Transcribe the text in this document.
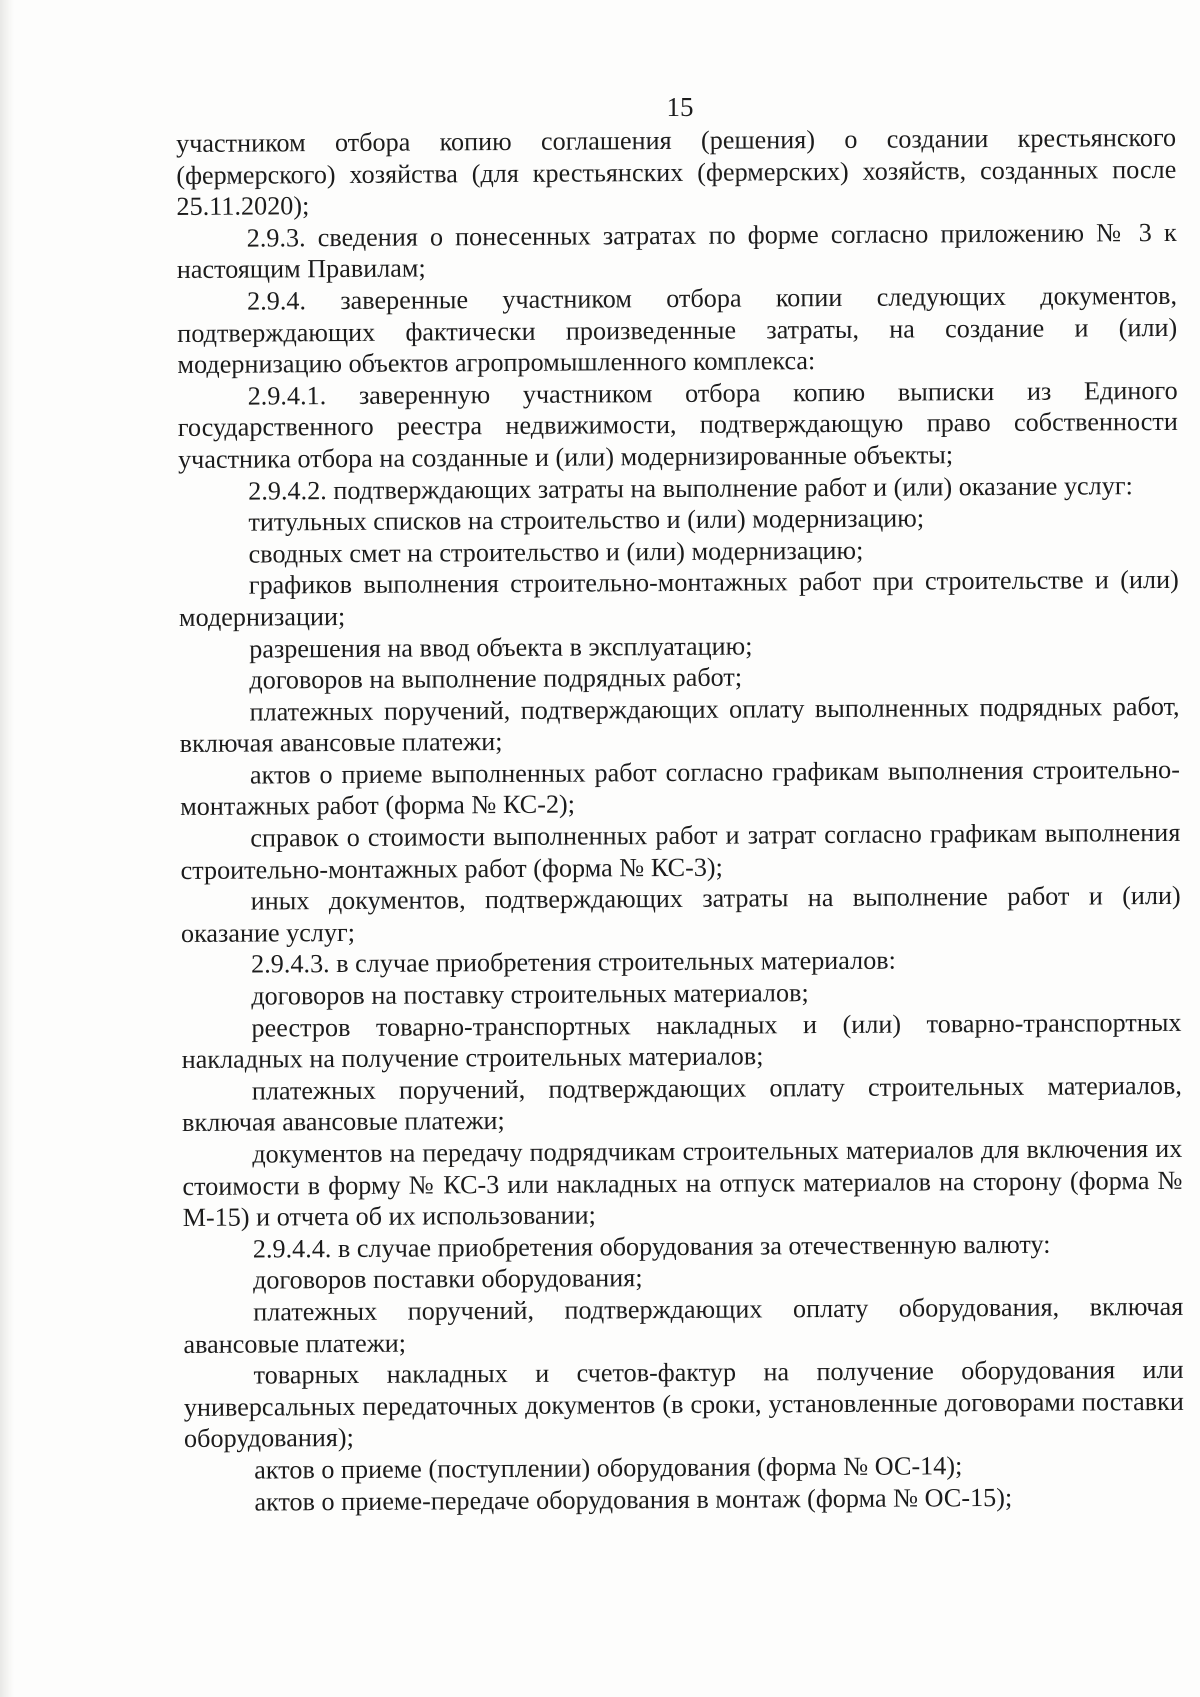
15

участником отбора копию соглашения (решения) о создании крестьянского (фермерского) хозяйства (для крестьянских (фермерских) хозяйств, созданных после 25.11.2020);

2.9.3. сведения о понесенных затратах по форме согласно приложению № 3 к настоящим Правилам;

2.9.4. заверенные участником отбора копии следующих документов, подтверждающих фактически произведенные затраты, на создание и (или) модернизацию объектов агропромышленного комплекса:

2.9.4.1. заверенную участником отбора копию выписки из Единого государственного реестра недвижимости, подтверждающую право собственности участника отбора на созданные и (или) модернизированные объекты;

2.9.4.2. подтверждающих затраты на выполнение работ и (или) оказание услуг:

титульных списков на строительство и (или) модернизацию;

сводных смет на строительство и (или) модернизацию;

графиков выполнения строительно-монтажных работ при строительстве и (или) модернизации;

разрешения на ввод объекта в эксплуатацию;

договоров на выполнение подрядных работ;

платежных поручений, подтверждающих оплату выполненных подрядных работ, включая авансовые платежи;

актов о приеме выполненных работ согласно графикам выполнения строительно-монтажных работ (форма № КС-2);

справок о стоимости выполненных работ и затрат согласно графикам выполнения строительно-монтажных работ (форма № КС-3);

иных документов, подтверждающих затраты на выполнение работ и (или) оказание услуг;

2.9.4.3. в случае приобретения строительных материалов:

договоров на поставку строительных материалов;

реестров товарно-транспортных накладных и (или) товарно-транспортных накладных на получение строительных материалов;

платежных поручений, подтверждающих оплату строительных материалов, включая авансовые платежи;

документов на передачу подрядчикам строительных материалов для включения их стоимости в форму № КС-3 или накладных на отпуск материалов на сторону (форма № М-15) и отчета об их использовании;

2.9.4.4. в случае приобретения оборудования за отечественную валюту:

договоров поставки оборудования;

платежных поручений, подтверждающих оплату оборудования, включая авансовые платежи;

товарных накладных и счетов-фактур на получение оборудования или универсальных передаточных документов (в сроки, установленные договорами поставки оборудования);

актов о приеме (поступлении) оборудования (форма № ОС-14);

актов о приеме-передаче оборудования в монтаж (форма № ОС-15);
